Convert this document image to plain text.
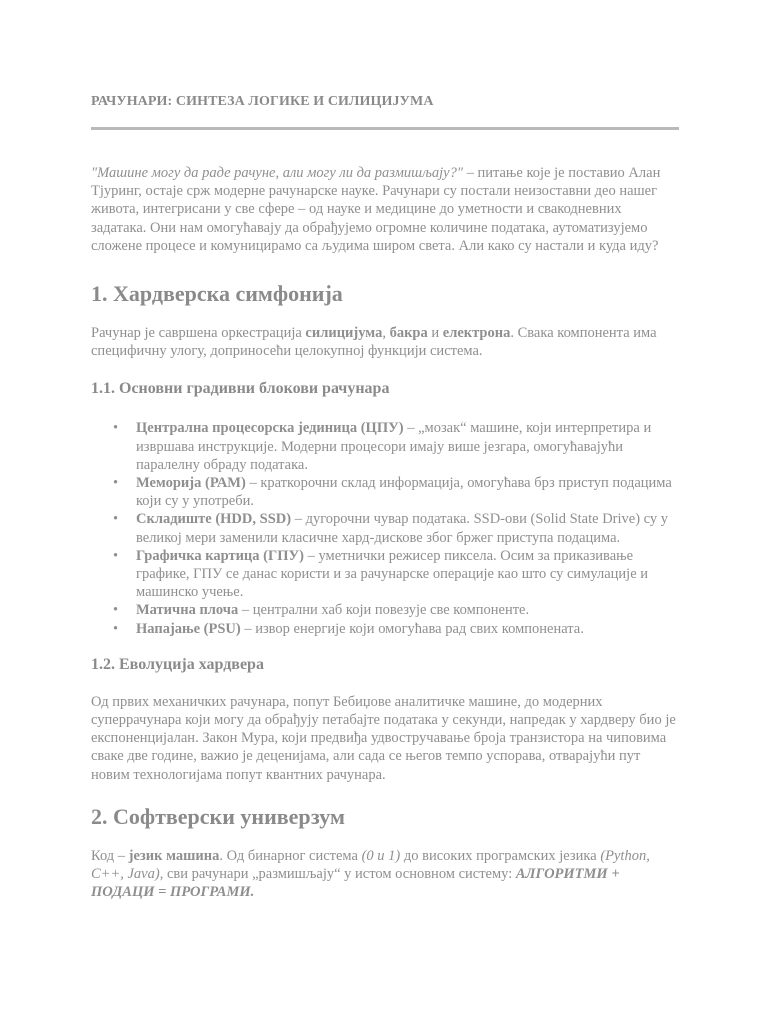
РАЧУНАРИ: СИНТЕЗА ЛОГИКЕ И СИЛИЦИЈУМА

"Машине могу да раде рачуне, али могу ли да размишљају?" – питање које је поставио Алан Тјуринг, остаје срж модерне рачунарске науке. Рачунари су постали неизоставни део нашег живота, интегрисани у све сфере – од науке и медицине до уметности и свакодневних задатака. Они нам омогућавају да обрађујемо огромне количине података, аутоматизујемо сложене процесе и комуницирамо са људима широм света. Али како су настали и куда иду?

1. Хардверска симфонија

Рачунар је савршена оркестрација силицијума, бакра и електрона. Свака компонента има специфичну улогу, доприносећи целокупној функцији система.

1.1. Основни градивни блокови рачунара
• Централна процесорска јединица (ЦПУ) – „мозак“ машине, који интерпретира и извршава инструкције. Модерни процесори имају више језгара, омогућавајући паралелну обраду података.
• Меморија (РАМ) – краткорочни склад информација, омогућава брз приступ подацима који су у употреби.
• Складиште (HDD, SSD) – дугорочни чувар података. SSD-ови (Solid State Drive) су у великој мери заменили класичне хард-дискове због бржег приступа подацима.
• Графичка картица (ГПУ) – уметнички режисер пиксела. Осим за приказивање графике, ГПУ се данас користи и за рачунарске операције као што су симулације и машинско учење.
• Матична плоча – централни хаб који повезује све компоненте.
• Напајање (PSU) – извор енергије који омогућава рад свих компонената.
1.2. Еволуција хардвера

Од првих механичких рачунара, попут Бебиџове аналитичке машине, до модерних суперрачунара који могу да обрађују петабајте података у секунди, напредак у хардверу био је експоненцијалан. Закон Мура, који предвиђа удвостручавање броја транзистора на чиповима сваке две године, важио је деценијама, али сада се његов темпо успорава, отварајући пут новим технологијама попут квантних рачунара.

2. Софтверски универзум

Код – језик машина. Од бинарног система (0 и 1) до високих програмских језика (Python, C++, Java), сви рачунари „размишљају“ у истом основном систему: АЛГОРИТМИ + ПОДАЦИ = ПРОГРАМИ.
